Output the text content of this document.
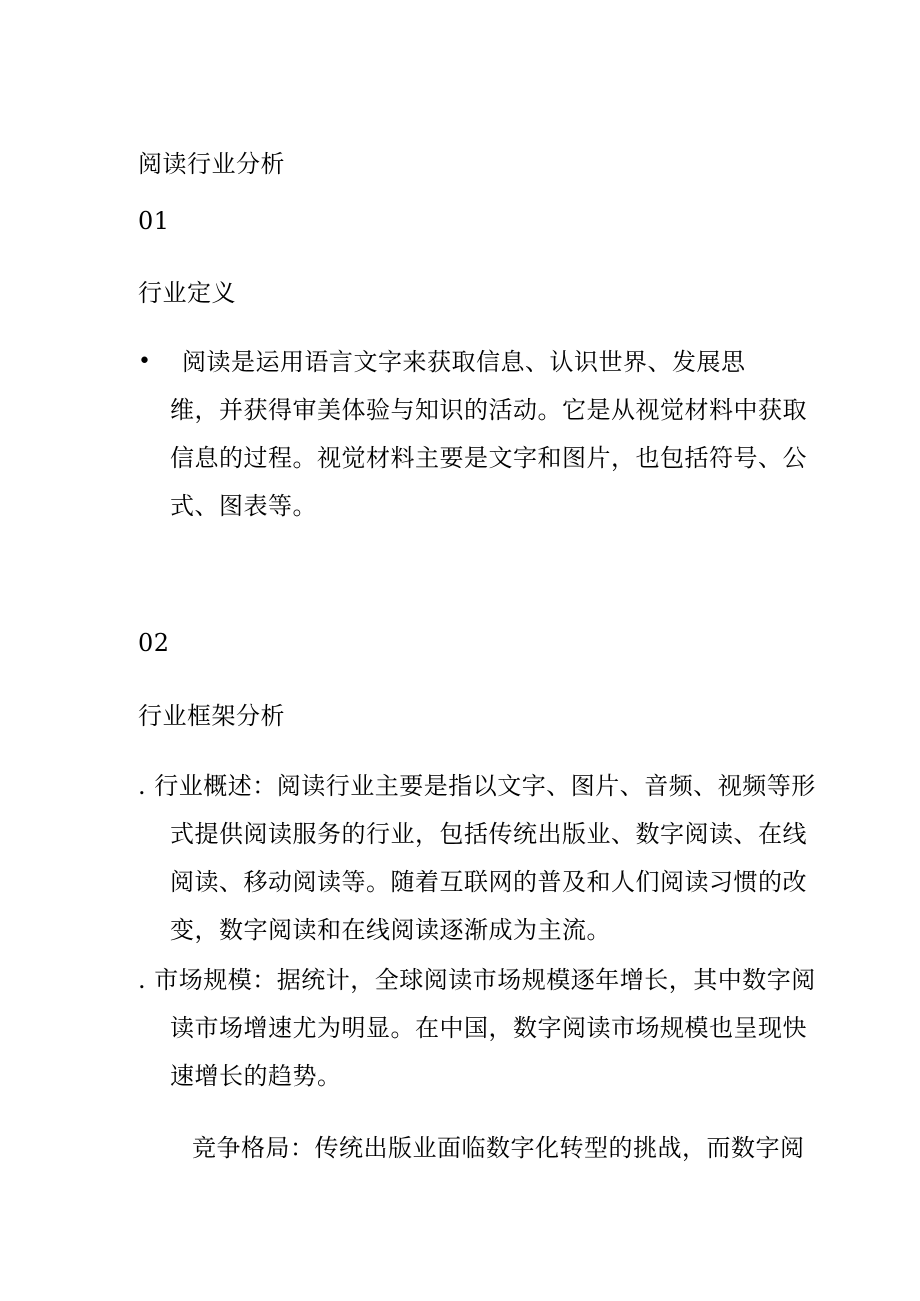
阅读行业分析
01
行业定义
• 阅读是运用语言文字来获取信息、认识世界、发展思
维，并获得审美体验与知识的活动。它是从视觉材料中获取
信息的过程。视觉材料主要是文字和图片，也包括符号、公
式、图表等。
02
行业框架分析
. 行业概述：阅读行业主要是指以文字、图片、音频、视频等形
式提供阅读服务的行业，包括传统出版业、数字阅读、在线
阅读、移动阅读等。随着互联网的普及和人们阅读习惯的改
变，数字阅读和在线阅读逐渐成为主流。
. 市场规模：据统计，全球阅读市场规模逐年增长，其中数字阅
读市场增速尤为明显。在中国，数字阅读市场规模也呈现快
速增长的趋势。
竞争格局：传统出版业面临数字化转型的挑战，而数字阅
